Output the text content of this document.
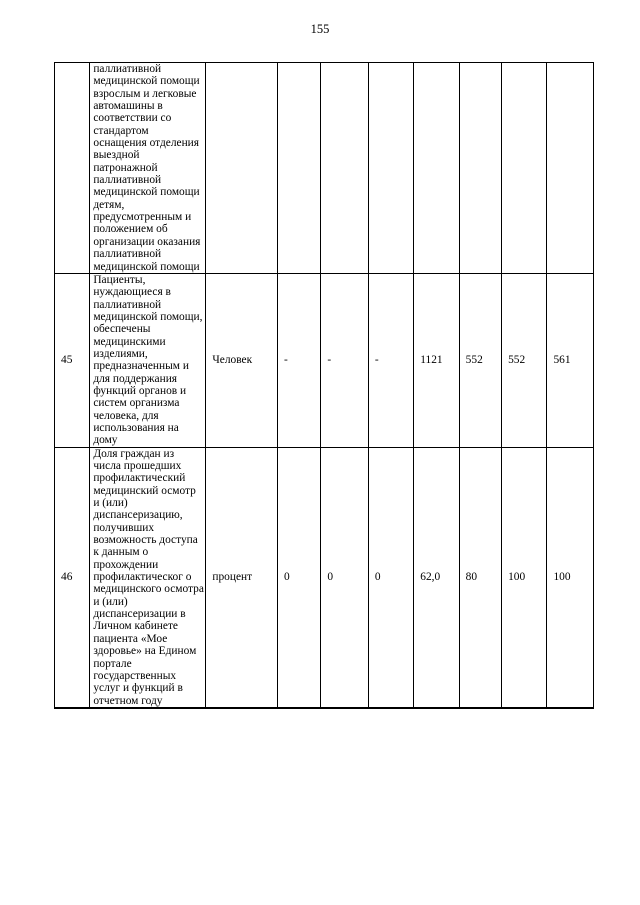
155
	паллиативной медицинской помощи взрослым и легковые автомашины в соответствии со стандартом оснащения отделения выездной патронажной паллиативной медицинской помощи детям, предусмотренным и положением об организации оказания паллиативной медицинской помощи								
45	Пациенты, нуждающиеся в паллиативной медицинской помощи, обеспечены медицинскими изделиями, предназначенным и для поддержания функций органов и систем организма человека, для использования на дому	Человек	-	-	-	1121	552	552	561
46	Доля граждан из числа прошедших профилактический медицинский осмотр и (или) диспансеризацию, получивших возможность доступа к данным о прохождении профилактическог о медицинского осмотра и (или) диспансеризации в Личном кабинете пациента «Мое здоровье» на Едином портале государственных услуг и функций в отчетном году	процент	0	0	0	62,0	80	100	100
